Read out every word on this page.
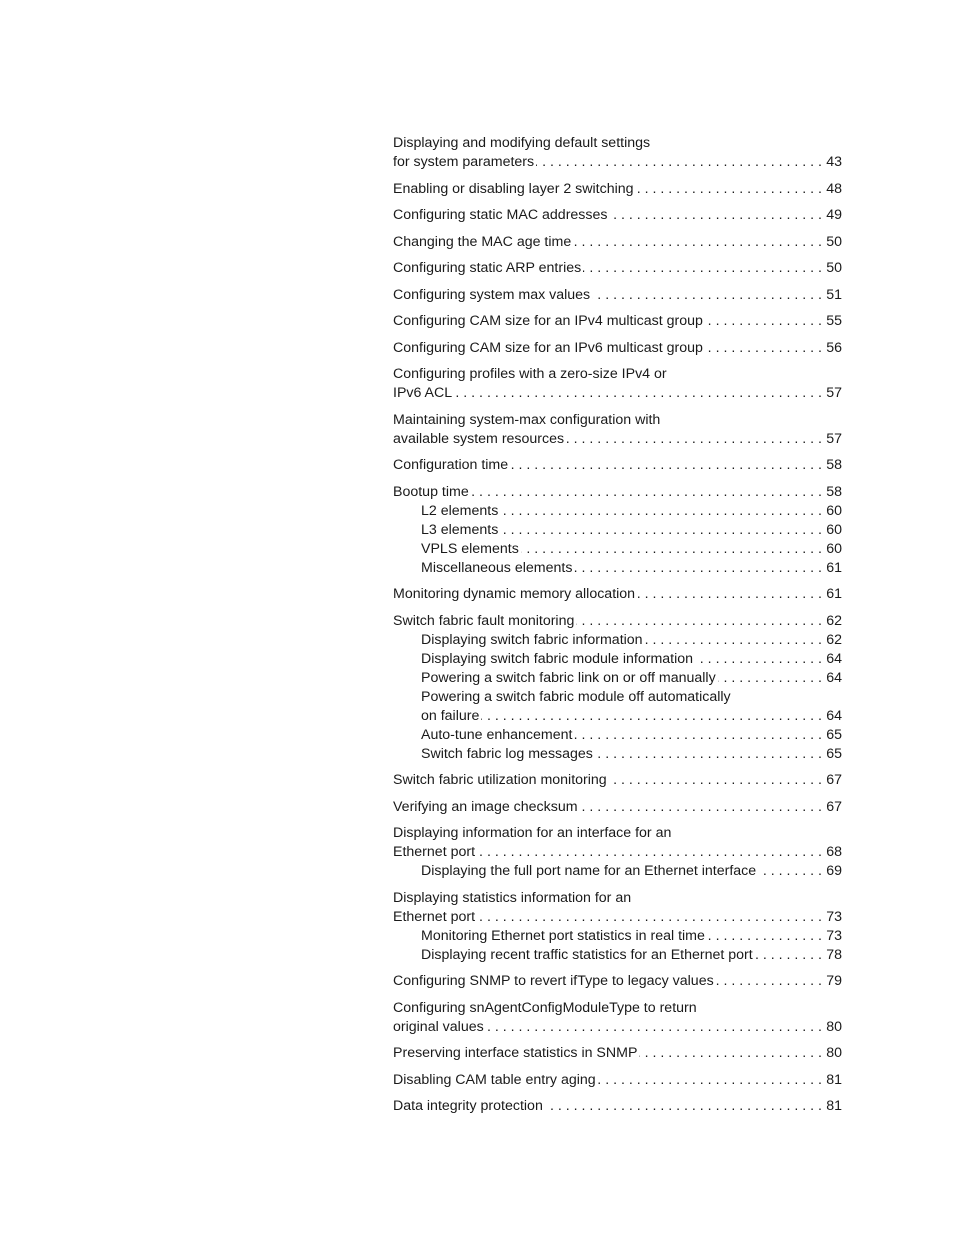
Displaying and modifying default settings
for system parameters . . .	43
Enabling or disabling layer 2 switching . . .	48
Configuring static MAC addresses . . .	49
Changing the MAC age time . . .	50
Configuring static ARP entries . . .	50
Configuring system max values . . .	51
Configuring CAM size for an IPv4 multicast group . . .	55
Configuring CAM size for an IPv6 multicast group . . .	56
Configuring profiles with a zero-size IPv4 or
IPv6 ACL . . .	57
Maintaining system-max configuration with
available system resources . . .	57
Configuration time . . .	58
Bootup time . . .	58
L2 elements . . .	60
L3 elements . . .	60
VPLS elements . . .	60
Miscellaneous elements . . .	61
Monitoring dynamic memory allocation . . .	61
Switch fabric fault monitoring . . .	62
Displaying switch fabric information . . .	62
Displaying switch fabric module information . . .	64
Powering a switch fabric link on or off manually . . .	64
Powering a switch fabric module off automatically
on failure . . .	64
Auto-tune enhancement . . .	65
Switch fabric log messages . . .	65
Switch fabric utilization monitoring . . .	67
Verifying an image checksum . . .	67
Displaying information for an interface for an
Ethernet port . . .	68
Displaying the full port name for an Ethernet interface . . .	69
Displaying statistics information for an
Ethernet port . . .	73
Monitoring Ethernet port statistics in real time . . .	73
Displaying recent traffic statistics for an Ethernet port . . .	78
Configuring SNMP to revert ifType to legacy values . . .	79
Configuring snAgentConfigModuleType to return
original values . . .	80
Preserving interface statistics in SNMP . . .	80
Disabling CAM table entry aging . . .	81
Data integrity protection . . .	81
